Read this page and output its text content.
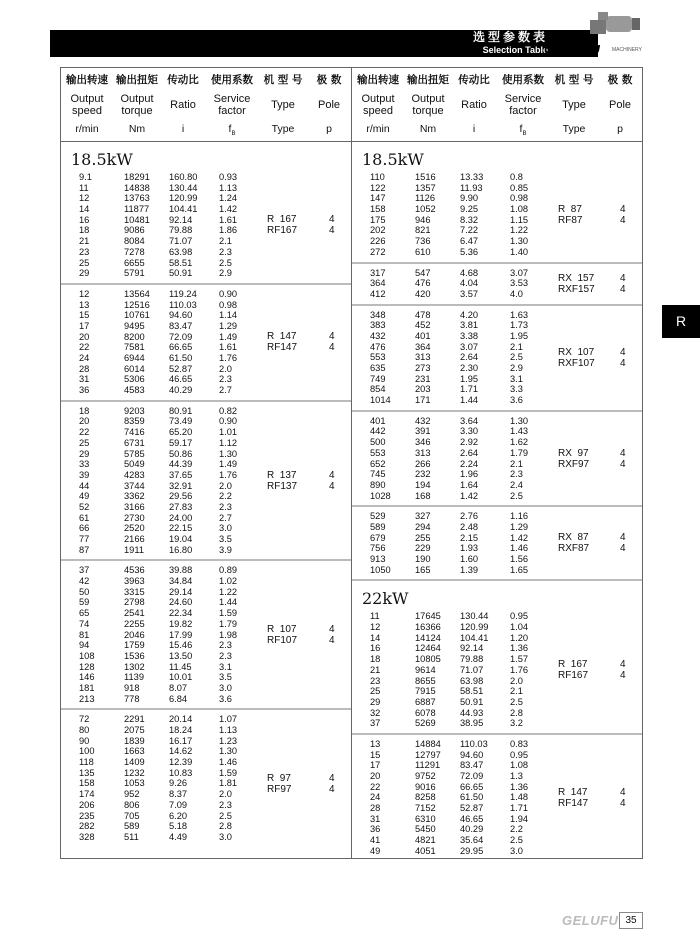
选型参数表
Selection Table
GELUFU MACHINERY
输出转速
Output speed
r/min
输出扭矩
Output torque
Nm
传动比
Ratio
i
使用系数
Service factor
$f_B$
机 型 号
Type
Type
极 数
Pole
p
18.5kW
9.1	18291	160.80	0.93
11	14838	130.44	1.13
12	13763	120.99	1.24
14	11877	104.41	1.42
16	10481	92.14	1.61
18	9086	79.88	1.86
21	8084	71.07	2.1
23	7278	63.98	2.3
25	6655	58.51	2.5
29	5791	50.91	2.9
R  167
RF167
4
4
12	13564	119.24	0.90
13	12516	110.03	0.98
15	10761	94.60	1.14
17	9495	83.47	1.29
20	8200	72.09	1.49
22	7581	66.65	1.61
24	6944	61.50	1.76
28	6014	52.87	2.0
31	5306	46.65	2.3
36	4583	40.29	2.7
R  147
RF147
4
4
18	9203	80.91	0.82
20	8359	73.49	0.90
22	7416	65.20	1.01
25	6731	59.17	1.12
29	5785	50.86	1.30
33	5049	44.39	1.49
39	4283	37.65	1.76
44	3744	32.91	2.0
49	3362	29.56	2.2
52	3166	27.83	2.3
61	2730	24.00	2.7
66	2520	22.15	3.0
77	2166	19.04	3.5
87	1911	16.80	3.9
R  137
RF137
4
4
37	4536	39.88	0.89
42	3963	34.84	1.02
50	3315	29.14	1.22
59	2798	24.60	1.44
65	2541	22.34	1.59
74	2255	19.82	1.79
81	2046	17.99	1.98
94	1759	15.46	2.3
108	1536	13.50	2.3
128	1302	11.45	3.1
146	1139	10.01	3.5
181	918	8.07	3.0
213	778	6.84	3.6
R  107
RF107
4
4
72	2291	20.14	1.07
80	2075	18.24	1.13
90	1839	16.17	1.23
100	1663	14.62	1.30
118	1409	12.39	1.46
135	1232	10.83	1.59
158	1053	9.26	1.81
174	952	8.37	2.0
206	806	7.09	2.3
235	705	6.20	2.5
282	589	5.18	2.8
328	511	4.49	3.0
R  97
RF97
4
4
输出转速
Output speed
r/min
输出扭矩
Output torque
Nm
传动比
Ratio
i
使用系数
Service factor
$f_B$
机 型 号
Type
Type
极 数
Pole
p
18.5kW
110	1516	13.33	0.8
122	1357	11.93	0.85
147	1126	9.90	0.98
158	1052	9.25	1.08
175	946	8.32	1.15
202	821	7.22	1.22
226	736	6.47	1.30
272	610	5.36	1.40
R  87
RF87
4
4
317	547	4.68	3.07
364	476	4.04	3.53
412	420	3.57	4.0
RX  157
RXF157
4
4
348	478	4.20	1.63
383	452	3.81	1.73
432	401	3.38	1.95
476	364	3.07	2.1
553	313	2.64	2.5
635	273	2.30	2.9
749	231	1.95	3.1
854	203	1.71	3.3
1014	171	1.44	3.6
RX  107
RXF107
4
4
401	432	3.64	1.30
442	391	3.30	1.43
500	346	2.92	1.62
553	313	2.64	1.79
652	266	2.24	2.1
745	232	1.96	2.3
890	194	1.64	2.4
1028	168	1.42	2.5
RX  97
RXF97
4
4
529	327	2.76	1.16
589	294	2.48	1.29
679	255	2.15	1.42
756	229	1.93	1.46
913	190	1.60	1.56
1050	165	1.39	1.65
RX  87
RXF87
4
4
22kW
11	17645	130.44	0.95
12	16366	120.99	1.04
14	14124	104.41	1.20
16	12464	92.14	1.36
18	10805	79.88	1.57
21	9614	71.07	1.76
23	8655	63.98	2.0
25	7915	58.51	2.1
29	6887	50.91	2.5
32	6078	44.93	2.8
37	5269	38.95	3.2
R  167
RF167
4
4
13	14884	110.03	0.83
15	12797	94.60	0.95
17	11291	83.47	1.08
20	9752	72.09	1.3
22	9016	66.65	1.36
24	8258	61.50	1.48
28	7152	52.87	1.71
31	6310	46.65	1.94
36	5450	40.29	2.2
41	4821	35.64	2.5
49	4051	29.95	3.0
R  147
RF147
4
4
R
GELUFU 35
